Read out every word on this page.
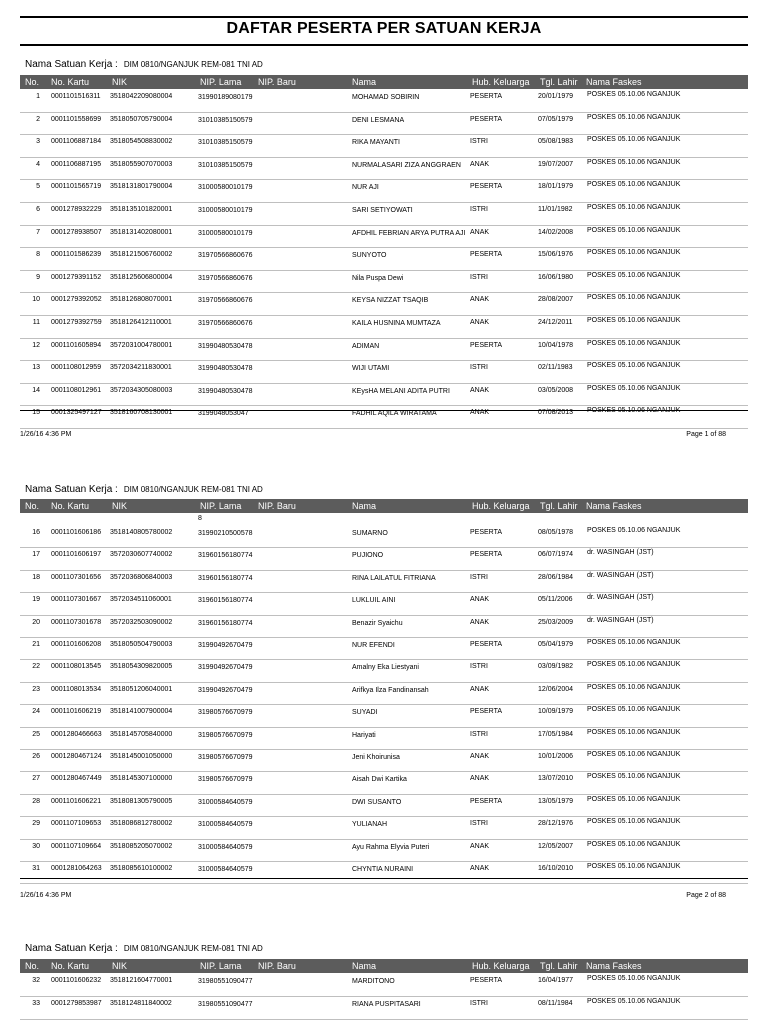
DAFTAR PESERTA PER SATUAN KERJA
Nama Satuan Kerja : DIM 0810/NGANJUK REM-081 TNI AD
No. No. Kartu	NIK	NIP. Lama NIP. Baru	Nama	Hub. Keluarga Tgl. Lahir Nama Faskes
1 0001101516311 3518042209080004	31990189080179	MOHAMAD SOBIRIN	PESERTA	20/01/1979 POSKES 05.10.06 NGANJUK
2 0001101558699 3518050705790004	31010385150579	DENI LESMANA	PESERTA	07/05/1979 POSKES 05.10.06 NGANJUK
3 0001106887184 3518054508830002	31010385150579	RIKA MAYANTI	ISTRI	05/08/1983 POSKES 05.10.06 NGANJUK
4 0001106887195 3518055907070003	31010385150579	NURMALASARI ZIZA ANGGRAEN	ANAK	19/07/2007 POSKES 05.10.06 NGANJUK
5 0001101565719 3518131801790004	31000580010179	NUR AJI	PESERTA	18/01/1979 POSKES 05.10.06 NGANJUK
6 0001278932229 3518135101820001	31000580010179	SARI SETIYOWATI	ISTRI	11/01/1982 POSKES 05.10.06 NGANJUK
7 0001278938507 3518131402080001	31000580010179	AFDHIL FEBRIAN ARYA PUTRA AJI ANAK	14/02/2008 POSKES 05.10.06 NGANJUK
8 0001101586239 3518121506760002	31970566860676	SUNYOTO	PESERTA	15/06/1976 POSKES 05.10.06 NGANJUK
9 0001279391152 3518125606800004	31970566860676	Nila Puspa Dewi	ISTRI	16/06/1980 POSKES 05.10.06 NGANJUK
10 0001279392052 3518126808070001	31970566860676	KEYSA NIZZAT TSAQIB	ANAK	28/08/2007 POSKES 05.10.06 NGANJUK
11 0001279392759 3518126412110001	31970566860676	KAILA HUSNINA MUMTAZA	ANAK	24/12/2011 POSKES 05.10.06 NGANJUK
12 0001101605894 3572031004780001	31990480530478	ADIMAN	PESERTA	10/04/1978 POSKES 05.10.06 NGANJUK
13 0001108012959 3572034211830001	31990480530478	WIJI UTAMI	ISTRI	02/11/1983 POSKES 05.10.06 NGANJUK
14 0001108012961 3572034305080003	31990480530478	KEysHA MELANI ADITA PUTRI	ANAK	03/05/2008 POSKES 05.10.06 NGANJUK
15 0001325497127 3518160708130001	3199048053047	FADHIL AQILA WIRATAMA	ANAK	07/08/2013 POSKES 05.10.06 NGANJUK
1/26/16 4:36 PM	Page 1 of 88
Nama Satuan Kerja : DIM 0810/NGANJUK REM-081 TNI AD
No. No. Kartu	NIK	NIP. Lama NIP. Baru	Nama	Hub. Keluarga Tgl. Lahir Nama Faskes
8
16 0001101606186 3518140805780002	31990210500578	SUMARNO	PESERTA	08/05/1978 POSKES 05.10.06 NGANJUK
17 0001101606197 3572030607740002	31960156180774	PUJIONO	PESERTA	06/07/1974 dr. WASINGAH (JST)
18 0001107301656 3572036806840003	31960156180774	RINA LAILATUL FITRIANA	ISTRI	28/06/1984 dr. WASINGAH (JST)
19 0001107301667 3572034511060001	31960156180774	LUKLUIL AINI	ANAK	05/11/2006 dr. WASINGAH (JST)
20 0001107301678 3572032503090002	31960156180774	Benazir Syaichu	ANAK	25/03/2009 dr. WASINGAH (JST)
21 0001101606208 3518050504790003	31990492670479	NUR EFENDI	PESERTA	05/04/1979 POSKES 05.10.06 NGANJUK
22 0001108013545 3518054309820005	31990492670479	Amalny Eka Liestyani	ISTRI	03/09/1982 POSKES 05.10.06 NGANJUK
23 0001108013534 3518051206040001	31990492670479	Arifkya Ilza Fandinansah	ANAK	12/06/2004 POSKES 05.10.06 NGANJUK
24 0001101606219 3518141007900004	31980576670979	SUYADI	PESERTA	10/09/1979 POSKES 05.10.06 NGANJUK
25 0001280466663 3518145705840000	31980576670979	Hariyati	ISTRI	17/05/1984 POSKES 05.10.06 NGANJUK
26 0001280467124 3518145001050000	31980576670979	Jeni Khoirunisa	ANAK	10/01/2006 POSKES 05.10.06 NGANJUK
27 0001280467449 3518145307100000	31980576670979	Aisah Dwi Kartika	ANAK	13/07/2010 POSKES 05.10.06 NGANJUK
28 0001101606221 3518081305790005	31000584640579	DWI SUSANTO	PESERTA	13/05/1979 POSKES 05.10.06 NGANJUK
29 0001107109653 3518086812780002	31000584640579	YULIANAH	ISTRI	28/12/1976 POSKES 05.10.06 NGANJUK
30 0001107109664 3518085205070002	31000584640579	Ayu Rahma Elyvia Puteri	ANAK	12/05/2007 POSKES 05.10.06 NGANJUK
31 0001281064263 3518085610100002	31000584640579	CHYNTIA NURAINI	ANAK	16/10/2010 POSKES 05.10.06 NGANJUK
1/26/16 4:36 PM	Page 2 of 88
Nama Satuan Kerja : DIM 0810/NGANJUK REM-081 TNI AD
No. No. Kartu	NIK	NIP. Lama NIP. Baru	Nama	Hub. Keluarga Tgl. Lahir Nama Faskes
32 0001101606232 3518121604770001	31980551090477	MARDITONO	PESERTA	16/04/1977 POSKES 05.10.06 NGANJUK
33 0001279853987 3518124811840002	31980551090477	RIANA PUSPITASARI	ISTRI	08/11/1984 POSKES 05.10.06 NGANJUK
